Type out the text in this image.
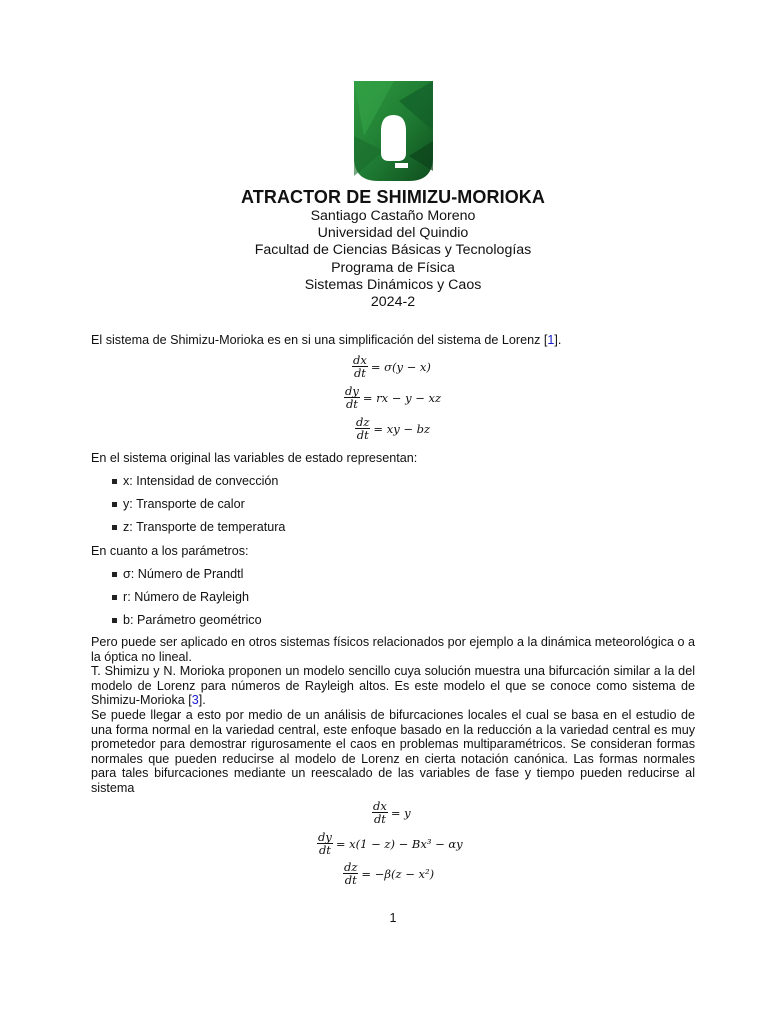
ATRACTOR DE SHIMIZU-MORIOKA
Santiago Castaño Moreno
Universidad del Quindio
Facultad de Ciencias Básicas y Tecnologías
Programa de Física
Sistemas Dinámicos y Caos
2024-2

El sistema de Shimizu-Morioka es en si una simplificación del sistema de Lorenz [1].

$\frac{dx}{dt} = \sigma(y - x)$
$\frac{dy}{dt}$ = rx − y − xz
$\frac{dz}{dt}$ = xy − bz

En el sistema original las variables de estado representan:

x: Intensidad de convección
y: Transporte de calor
z: Transporte de temperatura

En cuanto a los parámetros:

σ: Número de Prandtl
r: Número de Rayleigh
b: Parámetro geométrico

Pero puede ser aplicado en otros sistemas físicos relacionados por ejemplo a la dinámica meteorológica o a la óptica no lineal.

T. Shimizu y N. Morioka proponen un modelo sencillo cuya solución muestra una bifurcación similar a la del modelo de Lorenz para números de Rayleigh altos. Es este modelo el que se conoce como sistema de Shimizu-Morioka [3].

Se puede llegar a esto por medio de un análisis de bifurcaciones locales el cual se basa en el estudio de una forma normal en la variedad central, este enfoque basado en la reducción a la variedad central es muy prometedor para demostrar rigurosamente el caos en problemas multiparamétricos. Se consideran formas normales que pueden reducirse al modelo de Lorenz en cierta notación canónica. Las formas normales para tales bifurcaciones mediante un reescalado de las variables de fase y tiempo pueden reducirse al sistema

$\frac{dx}{dt} = y$
$\frac{dy}{dt} = x(1 - z) - Bx^3 - \alpha y$
$\frac{dz}{dt} = -\beta(z - x^2)$
1
